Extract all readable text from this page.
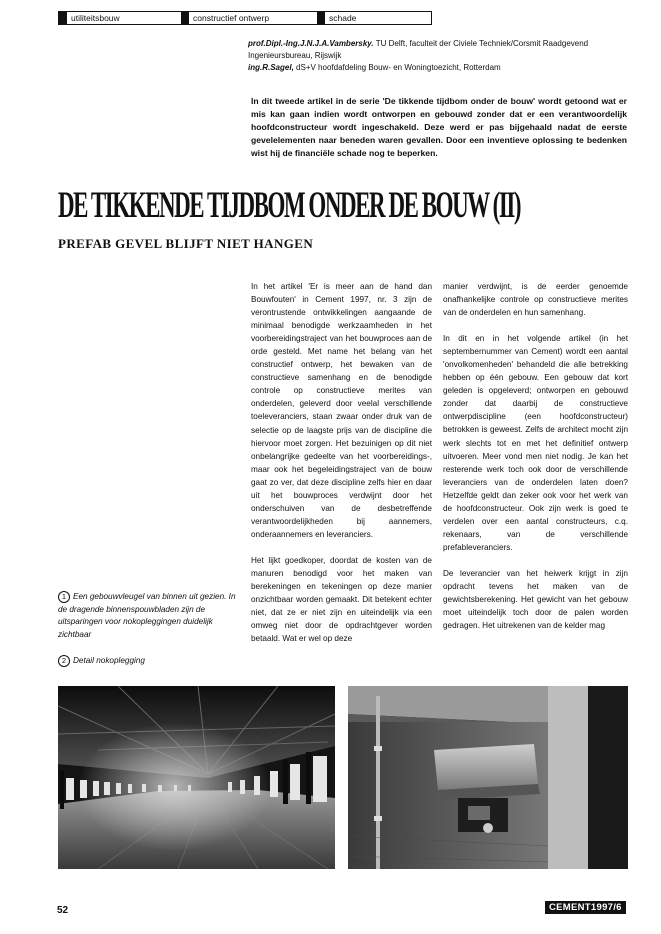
utiliteitsbouw	constructief ontwerp	schade
prof.Dipl.-Ing.J.N.J.A.Vambersky. TU Delft, faculteit der Civiele Techniek/Corsmit Raadgevend Ingenieursbureau, Rijswijk
ing.R.Sagel, dS+V hoofdafdeling Bouw- en Woningtoezicht, Rotterdam
In dit tweede artikel in de serie 'De tikkende tijdbom onder de bouw' wordt getoond wat er mis kan gaan indien wordt ontworpen en gebouwd zonder dat er een verantwoordelijk hoofdconstructeur wordt ingeschakeld. Deze werd er pas bijgehaald nadat de eerste gevelelementen naar beneden waren gevallen. Door een inventieve oplossing te bedenken wist hij de financiële schade nog te beperken.
DE TIKKENDE TIJDBOM ONDER DE BOUW (II)
PREFAB GEVEL BLIJFT NIET HANGEN
1 Een gebouwvleugel van binnen uit gezien. In de dragende binnenspouwbladen zijn de uitsparingen voor nokopleggingen duidelijk zichtbaar
2 Detail nokoplegging

In het artikel 'Er is meer aan de hand dan Bouwfouten' in Cement 1997, nr. 3 zijn de verontrustende ontwikkelingen aangaande de minimaal benodigde werkzaamheden in het voorbereidingstraject van het bouwproces aan de orde gesteld. Met name het belang van het constructief ontwerp, het bewaken van de constructieve samenhang en de benodigde controle op constructieve merites van onderdelen, geleverd door veelal verschillende toeleveranciers, staan zwaar onder druk van de selectie op de laagste prijs van de discipline die hiervoor moet zorgen. Het bezuinigen op dit niet onbelangrijke gedeelte van het voorbereidings-, maar ook het begeleidingstraject van de bouw gaat zo ver, dat deze discipline zelfs hier en daar uit het bouwproces verdwijnt door het onderschuiven van de desbetreffende verantwoordelijkheden bij aannemers, onderaannemers en leveranciers.

Het lijkt goedkoper, doordat de kosten van de manuren benodigd voor het maken van berekeningen en tekeningen op deze manier onzichtbaar worden gemaakt. Dit betekent echter niet, dat ze er niet zijn en uiteindelijk via een omweg niet door de opdrachtgever worden betaald. Wat er wel op deze

manier verdwijnt, is de eerder genoemde onafhankelijke controle op constructieve merites van de onderdelen en hun samenhang.

In dit en in het volgende artikel (in het septembernummer van Cement) wordt een aantal 'onvolkomenheden' behandeld die alle betrekking hebben op één gebouw. Een gebouw dat kort geleden is opgeleverd; ontworpen en gebouwd zonder dat daarbij de constructieve ontwerpdiscipline (een hoofdconstructeur) betrokken is geweest. Zelfs de architect mocht zijn werk slechts tot en met het definitief ontwerp uitvoeren. Meer vond men niet nodig. Je kan het resterende werk toch ook door de verschillende leveranciers van de onderdelen laten doen? Hetzelfde geldt dan zeker ook voor het werk van de hoofdconstructeur. Ook zijn werk is goed te verdelen over een aantal constructeurs, c.q. rekenaars, van de verschillende prefableveranciers.

De leverancier van het heiwerk krijgt in zijn opdracht tevens het maken van de gewichtsberekening. Het gewicht van het gebouw moet uiteindelijk toch door de palen worden gedragen. Het uitrekenen van de kelder mag

52	CEMENT1997/6
